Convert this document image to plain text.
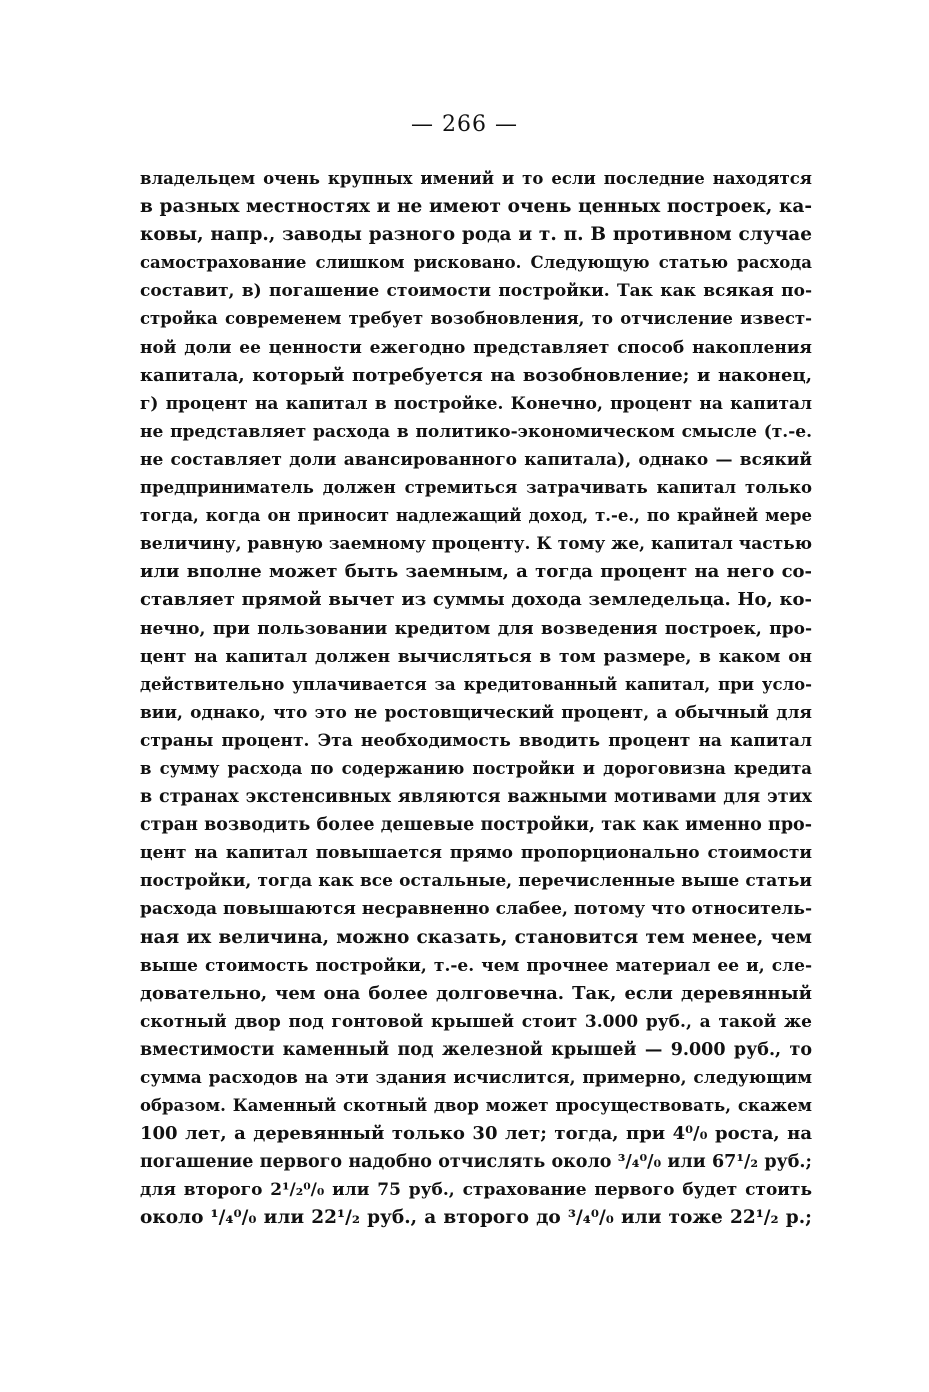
— 266 —
владельцем очень крупных имений и то если последние находятся
в разных местностях и не имеют очень ценных построек, ка-
ковы, напр., заводы разного рода и т. п. В противном случае
самострахование слишком рисковано. Следующую статью расхода
составит, в) погашение стоимости постройки. Так как всякая по-
стройка современем требует возобновления, то отчисление извест-
ной доли ее ценности ежегодно представляет способ накопления
капитала, который потребуется на возобновление; и наконец,
г) процент на капитал в постройке. Конечно, процент на капитал
не представляет расхода в политико-экономическом смысле (т.-е.
не составляет доли авансированного капитала), однако — всякий
предприниматель должен стремиться затрачивать капитал только
тогда, когда он приносит надлежащий доход, т.-е., по крайней мере
величину, равную заемному проценту. К тому же, капитал частью
или вполне может быть заемным, а тогда процент на него со-
ставляет прямой вычет из суммы дохода земледельца. Но, ко-
нечно, при пользовании кредитом для возведения построек, про-
цент на капитал должен вычисляться в том размере, в каком он
действительно уплачивается за кредитованный капитал, при усло-
вии, однако, что это не ростовщический процент, а обычный для
страны процент. Эта необходимость вводить процент на капитал
в сумму расхода по содержанию постройки и дороговизна кредита
в странах экстенсивных являются важными мотивами для этих
стран возводить более дешевые постройки, так как именно про-
цент на капитал повышается прямо пропорционально стоимости
постройки, тогда как все остальные, перечисленные выше статьи
расхода повышаются несравненно слабее, потому что относитель-
ная их величина, можно сказать, становится тем менее, чем
выше стоимость постройки, т.-е. чем прочнее материал ее и, сле-
довательно, чем она более долговечна. Так, если деревянный
скотный двор под гонтовой крышей стоит 3.000 руб., а такой же
вместимости каменный под железной крышей — 9.000 руб., то
сумма расходов на эти здания исчислится, примерно, следующим
образом. Каменный скотный двор может просуществовать, скажем
100 лет, а деревянный только 30 лет; тогда, при 4⁰/₀ роста, на
погашение первого надобно отчислять около ³/₄⁰/₀ или 67¹/₂ руб.;
для второго 2¹/₂⁰/₀ или 75 руб., страхование первого будет стоить
около ¹/₄⁰/₀ или 22¹/₂ руб., а второго до ³/₄⁰/₀ или тоже 22¹/₂ р.;
